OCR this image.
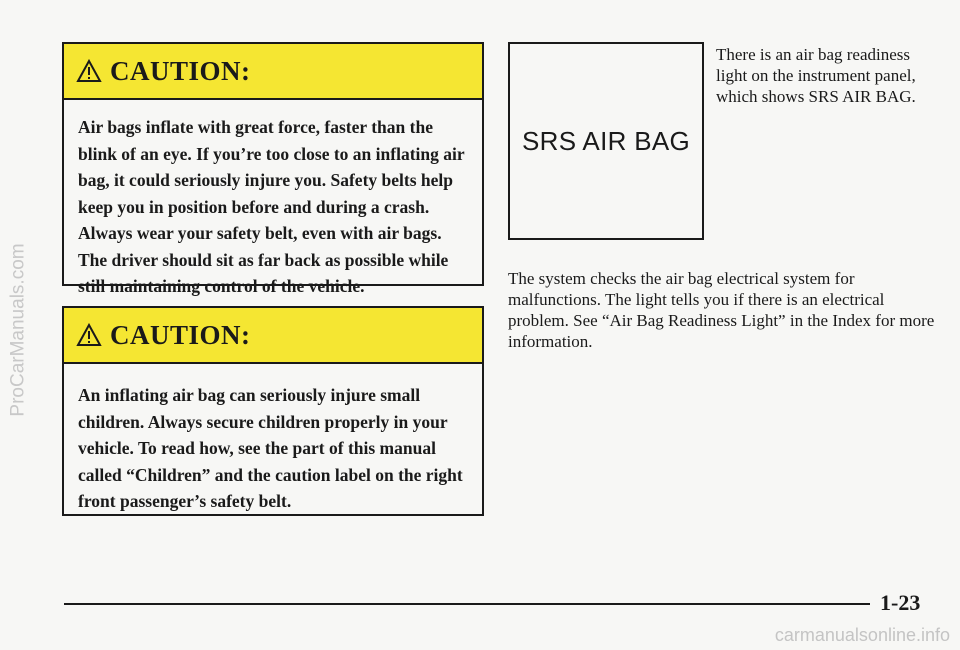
ProCarManuals.com
CAUTION:
Air bags inflate with great force, faster than the blink of an eye. If you’re too close to an inflating air bag, it could seriously injure you. Safety belts help keep you in position before and during a crash. Always wear your safety belt, even with air bags. The driver should sit as far back as possible while still maintaining control of the vehicle.
CAUTION:
An inflating air bag can seriously injure small children. Always secure children properly in your vehicle. To read how, see the part of this manual called “Children” and the caution label on the right front passenger’s safety belt.
SRS AIR BAG
There is an air bag readiness light on the instrument panel, which shows SRS AIR BAG.
The system checks the air bag electrical system for malfunctions. The light tells you if there is an electrical problem. See “Air Bag Readiness Light” in the Index for more information.
1-23
carmanualsonline.info
